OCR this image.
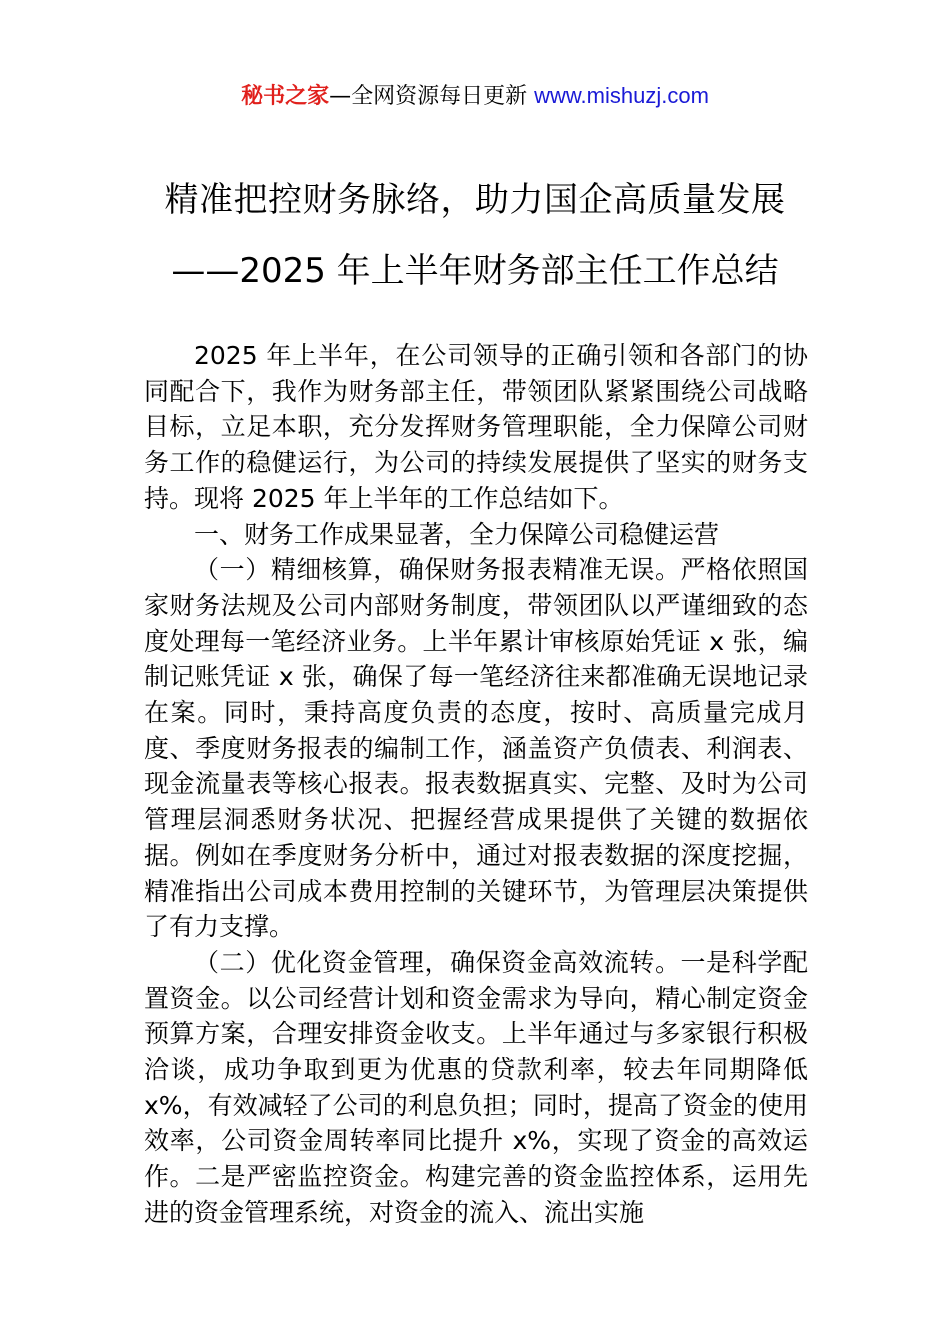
秘书之家—全网资源每日更新 www.mishuzj.com
精准把控财务脉络，助力国企高质量发展
——2025 年上半年财务部主任工作总结

2025 年上半年，在公司领导的正确引领和各部门的协同配合下，我作为财务部主任，带领团队紧紧围绕公司战略目标，立足本职，充分发挥财务管理职能，全力保障公司财务工作的稳健运行，为公司的持续发展提供了坚实的财务支持。现将 2025 年上半年的工作总结如下。

一、财务工作成果显著，全力保障公司稳健运营

（一）精细核算，确保财务报表精准无误。严格依照国家财务法规及公司内部财务制度，带领团队以严谨细致的态度处理每一笔经济业务。上半年累计审核原始凭证 x 张，编制记账凭证 x 张，确保了每一笔经济往来都准确无误地记录在案。同时，秉持高度负责的态度，按时、高质量完成月度、季度财务报表的编制工作，涵盖资产负债表、利润表、现金流量表等核心报表。报表数据真实、完整、及时为公司管理层洞悉财务状况、把握经营成果提供了关键的数据依据。例如在季度财务分析中，通过对报表数据的深度挖掘，精准指出公司成本费用控制的关键环节，为管理层决策提供了有力支撑。

（二）优化资金管理，确保资金高效流转。一是科学配置资金。以公司经营计划和资金需求为导向，精心制定资金预算方案，合理安排资金收支。上半年通过与多家银行积极洽谈，成功争取到更为优惠的贷款利率，较去年同期降低 x%，有效减轻了公司的利息负担；同时，提高了资金的使用效率，公司资金周转率同比提升 x%，实现了资金的高效运作。二是严密监控资金。构建完善的资金监控体系，运用先进的资金管理系统，对资金的流入、流出实施
